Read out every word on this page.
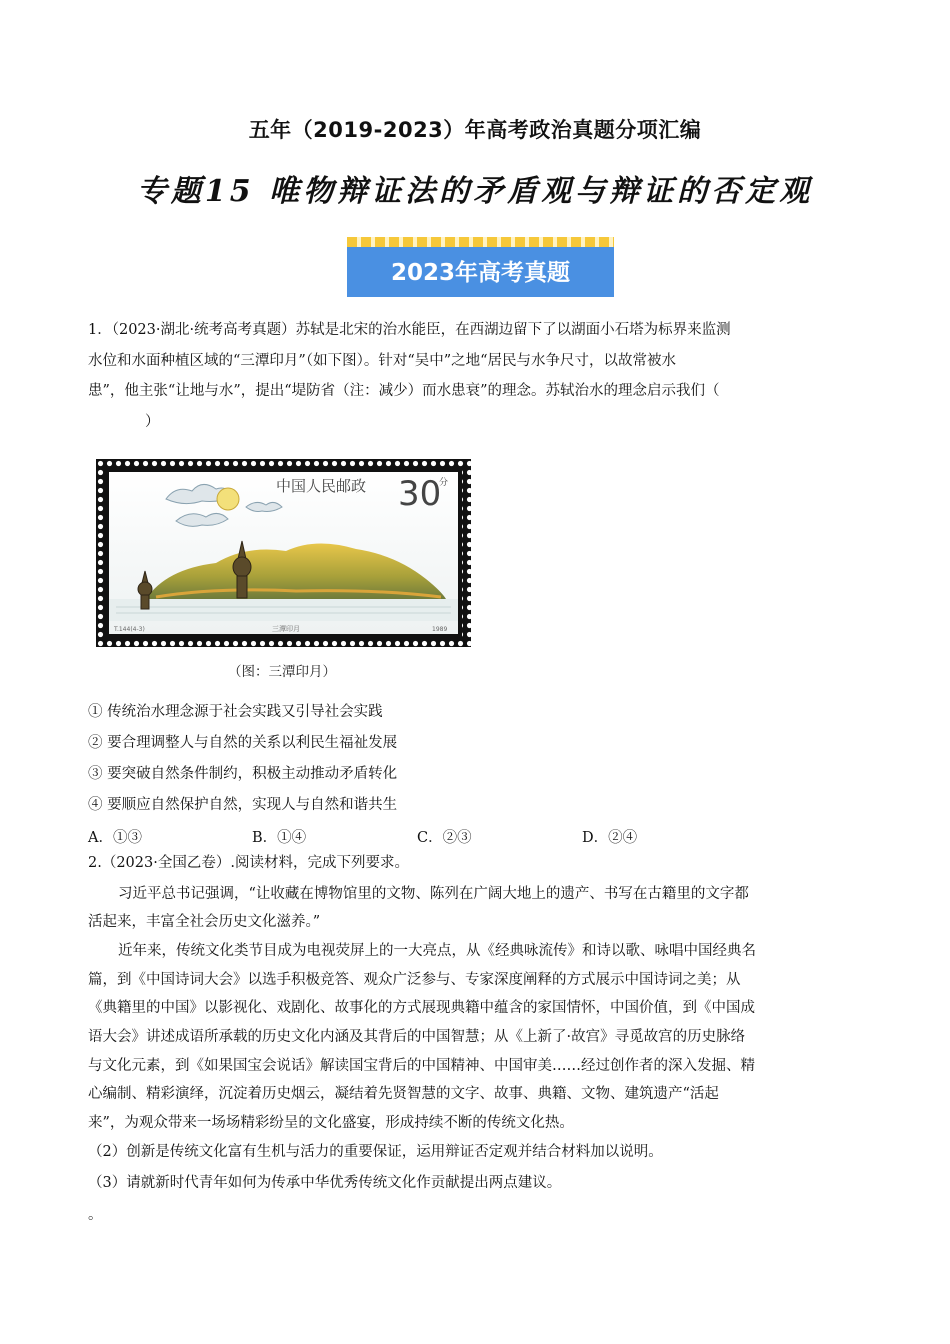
五年（2019-2023）年高考政治真题分项汇编
专题15 唯物辩证法的矛盾观与辩证的否定观
2023年高考真题
1．（2023·湖北·统考高考真题）苏轼是北宋的治水能臣，在西湖边留下了以湖面小石塔为标界来监测
水位和水面种植区域的“三潭印月”（如下图）。针对“吴中”之地“居民与水争尺寸，以故常被水
患”，他主张“让地与水”，提出“堤防省（注：减少）而水患衰”的理念。苏轼治水的理念启示我们（
）
中国人民邮政 30
分
T.144(4-3)	三潭印月	1989
（图：三潭印月）
① 传统治水理念源于社会实践又引导社会实践
② 要合理调整人与自然的关系以利民生福祉发展
③ 要突破自然条件制约，积极主动推动矛盾转化
④ 要顺应自然保护自然，实现人与自然和谐共生
A．①③	B．①④	C．②③	D．②④
2.（2023·全国乙卷）.阅读材料，完成下列要求。
习近平总书记强调，“让收藏在博物馆里的文物、陈列在广阔大地上的遗产、书写在古籍里的文字都
活起来，丰富全社会历史文化滋养。”
近年来，传统文化类节目成为电视荧屏上的一大亮点，从《经典咏流传》和诗以歌、咏唱中国经典名
篇，到《中国诗词大会》以选手积极竞答、观众广泛参与、专家深度阐释的方式展示中国诗词之美；从
《典籍里的中国》以影视化、戏剧化、故事化的方式展现典籍中蕴含的家国情怀，中国价值，到《中国成
语大会》讲述成语所承载的历史文化内涵及其背后的中国智慧；从《上新了·故宫》寻觅故宫的历史脉络
与文化元素，到《如果国宝会说话》解读国宝背后的中国精神、中国审美……经过创作者的深入发掘、精
心编制、精彩演绎，沉淀着历史烟云，凝结着先贤智慧的文字、故事、典籍、文物、建筑遗产“活起
来”，为观众带来一场场精彩纷呈的文化盛宴，形成持续不断的传统文化热。
（2）创新是传统文化富有生机与活力的重要保证，运用辩证否定观并结合材料加以说明。
（3）请就新时代青年如何为传承中华优秀传统文化作贡献提出两点建议。
。
